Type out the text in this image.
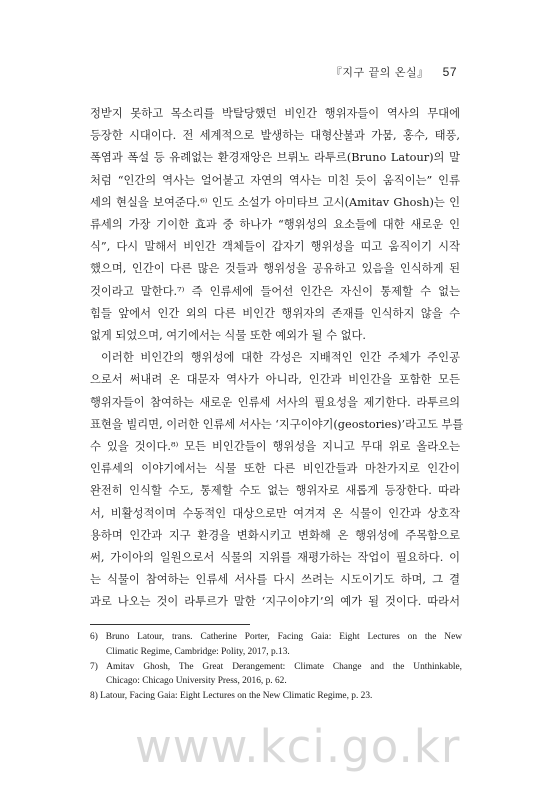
『지구 끝의 온실』 57
정받지 못하고 목소리를 박탈당했던 비인간 행위자들이 역사의 무대에
등장한 시대이다. 전 세계적으로 발생하는 대형산불과 가뭄, 홍수, 태풍,
폭염과 폭설 등 유례없는 환경재앙은 브뤼노 라투르(Bruno Latour)의 말
처럼 “인간의 역사는 얼어붙고 자연의 역사는 미친 듯이 움직이는” 인류
세의 현실을 보여준다.⁶⁾ 인도 소설가 아미타브 고시(Amitav Ghosh)는 인
류세의 가장 기이한 효과 중 하나가 “행위성의 요소들에 대한 새로운 인
식”, 다시 말해서 비인간 객체들이 갑자기 행위성을 띠고 움직이기 시작
했으며, 인간이 다른 많은 것들과 행위성을 공유하고 있음을 인식하게 된
것이라고 말한다.⁷⁾ 즉 인류세에 들어선 인간은 자신이 통제할 수 없는
힘들 앞에서 인간 외의 다른 비인간 행위자의 존재를 인식하지 않을 수
없게 되었으며, 여기에서는 식물 또한 예외가 될 수 없다.
이러한 비인간의 행위성에 대한 각성은 지배적인 인간 주체가 주인공
으로서 써내려 온 대문자 역사가 아니라, 인간과 비인간을 포함한 모든
행위자들이 참여하는 새로운 인류세 서사의 필요성을 제기한다. 라투르의
표현을 빌리면, 이러한 인류세 서사는 ‘지구이야기(geostories)’라고도 부를
수 있을 것이다.⁸⁾ 모든 비인간들이 행위성을 지니고 무대 위로 올라오는
인류세의 이야기에서는 식물 또한 다른 비인간들과 마찬가지로 인간이
완전히 인식할 수도, 통제할 수도 없는 행위자로 새롭게 등장한다. 따라
서, 비활성적이며 수동적인 대상으로만 여겨져 온 식물이 인간과 상호작
용하며 인간과 지구 환경을 변화시키고 변화해 온 행위성에 주목함으로
써, 가이아의 일원으로서 식물의 지위를 재평가하는 작업이 필요하다. 이
는 식물이 참여하는 인류세 서사를 다시 쓰려는 시도이기도 하며, 그 결
과로 나오는 것이 라투르가 말한 ‘지구이야기’의 예가 될 것이다. 따라서
6) Bruno Latour, trans. Catherine Porter, Facing Gaia: Eight Lectures on the New
Climatic Regime, Cambridge: Polity, 2017, p.13.
7) Amitav Ghosh, The Great Derangement: Climate Change and the Unthinkable,
Chicago: Chicago University Press, 2016, p. 62.
8) Latour, Facing Gaia: Eight Lectures on the New Climatic Regime, p. 23.
www.kci.go.kr
